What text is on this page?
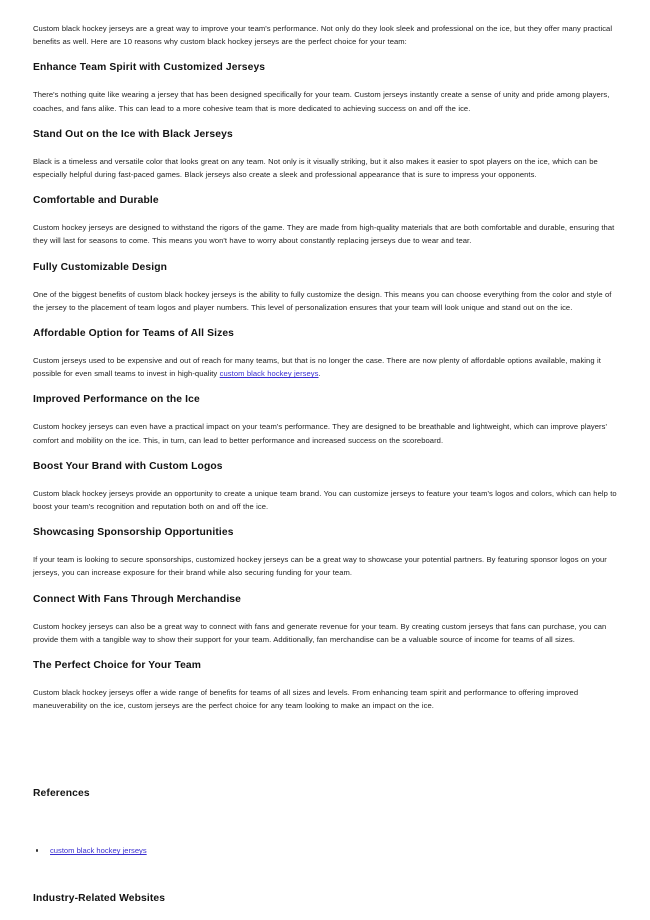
Custom black hockey jerseys are a great way to improve your team's performance. Not only do they look sleek and professional on the ice, but they offer many practical benefits as well. Here are 10 reasons why custom black hockey jerseys are the perfect choice for your team:

Enhance Team Spirit with Customized Jerseys

There's nothing quite like wearing a jersey that has been designed specifically for your team. Custom jerseys instantly create a sense of unity and pride among players, coaches, and fans alike. This can lead to a more cohesive team that is more dedicated to achieving success on and off the ice.

Stand Out on the Ice with Black Jerseys

Black is a timeless and versatile color that looks great on any team. Not only is it visually striking, but it also makes it easier to spot players on the ice, which can be especially helpful during fast-paced games. Black jerseys also create a sleek and professional appearance that is sure to impress your opponents.

Comfortable and Durable

Custom hockey jerseys are designed to withstand the rigors of the game. They are made from high-quality materials that are both comfortable and durable, ensuring that they will last for seasons to come. This means you won't have to worry about constantly replacing jerseys due to wear and tear.

Fully Customizable Design

One of the biggest benefits of custom black hockey jerseys is the ability to fully customize the design. This means you can choose everything from the color and style of the jersey to the placement of team logos and player numbers. This level of personalization ensures that your team will look unique and stand out on the ice.

Affordable Option for Teams of All Sizes

Custom jerseys used to be expensive and out of reach for many teams, but that is no longer the case. There are now plenty of affordable options available, making it possible for even small teams to invest in high-quality custom black hockey jerseys.

Improved Performance on the Ice

Custom hockey jerseys can even have a practical impact on your team's performance. They are designed to be breathable and lightweight, which can improve players' comfort and mobility on the ice. This, in turn, can lead to better performance and increased success on the scoreboard.

Boost Your Brand with Custom Logos

Custom black hockey jerseys provide an opportunity to create a unique team brand. You can customize jerseys to feature your team's logos and colors, which can help to boost your team's recognition and reputation both on and off the ice.

Showcasing Sponsorship Opportunities

If your team is looking to secure sponsorships, customized hockey jerseys can be a great way to showcase your potential partners. By featuring sponsor logos on your jerseys, you can increase exposure for their brand while also securing funding for your team.

Connect With Fans Through Merchandise

Custom hockey jerseys can also be a great way to connect with fans and generate revenue for your team. By creating custom jerseys that fans can purchase, you can provide them with a tangible way to show their support for your team. Additionally, fan merchandise can be a valuable source of income for teams of all sizes.

The Perfect Choice for Your Team

Custom black hockey jerseys offer a wide range of benefits for teams of all sizes and levels. From enhancing team spirit and performance to offering improved maneuverability on the ice, custom jerseys are the perfect choice for any team looking to make an impact on the ice.

References
custom black hockey jerseys
Industry-Related Websites
